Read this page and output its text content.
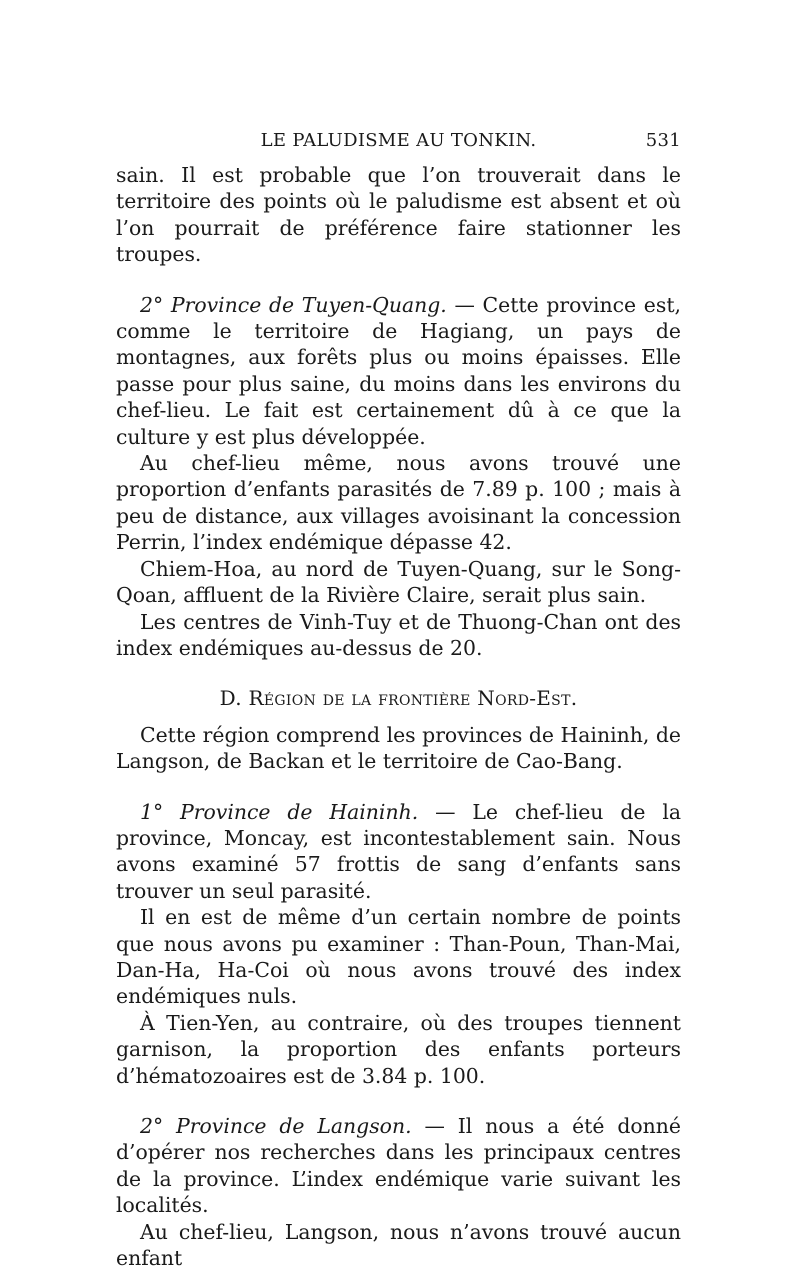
LE PALUDISME AU TONKIN.	531

sain. Il est probable que l’on trouverait dans le territoire des points où le paludisme est absent et où l’on pourrait de préférence faire stationner les troupes.

2° Province de Tuyen-Quang. — Cette province est, comme le territoire de Hagiang, un pays de montagnes, aux forêts plus ou moins épaisses. Elle passe pour plus saine, du moins dans les environs du chef-lieu. Le fait est certainement dû à ce que la culture y est plus développée.

Au chef-lieu même, nous avons trouvé une proportion d’enfants parasités de 7.89 p. 100 ; mais à peu de distance, aux villages avoisinant la concession Perrin, l’index endémique dépasse 42.

Chiem-Hoa, au nord de Tuyen-Quang, sur le Song-Qoan, affluent de la Rivière Claire, serait plus sain.

Les centres de Vinh-Tuy et de Thuong-Chan ont des index endémiques au-dessus de 20.

D. Région de la frontière Nord-Est.

Cette région comprend les provinces de Haininh, de Langson, de Backan et le territoire de Cao-Bang.

1° Province de Haininh. — Le chef-lieu de la province, Moncay, est incontestablement sain. Nous avons examiné 57 frottis de sang d’enfants sans trouver un seul parasité.

Il en est de même d’un certain nombre de points que nous avons pu examiner : Than-Poun, Than-Mai, Dan-Ha, Ha-Coi où nous avons trouvé des index endémiques nuls.

À Tien-Yen, au contraire, où des troupes tiennent garnison, la proportion des enfants porteurs d’hématozoaires est de 3.84 p. 100.

2° Province de Langson. — Il nous a été donné d’opérer nos recherches dans les principaux centres de la province. L’index endémique varie suivant les localités.

Au chef-lieu, Langson, nous n’avons trouvé aucun enfant
